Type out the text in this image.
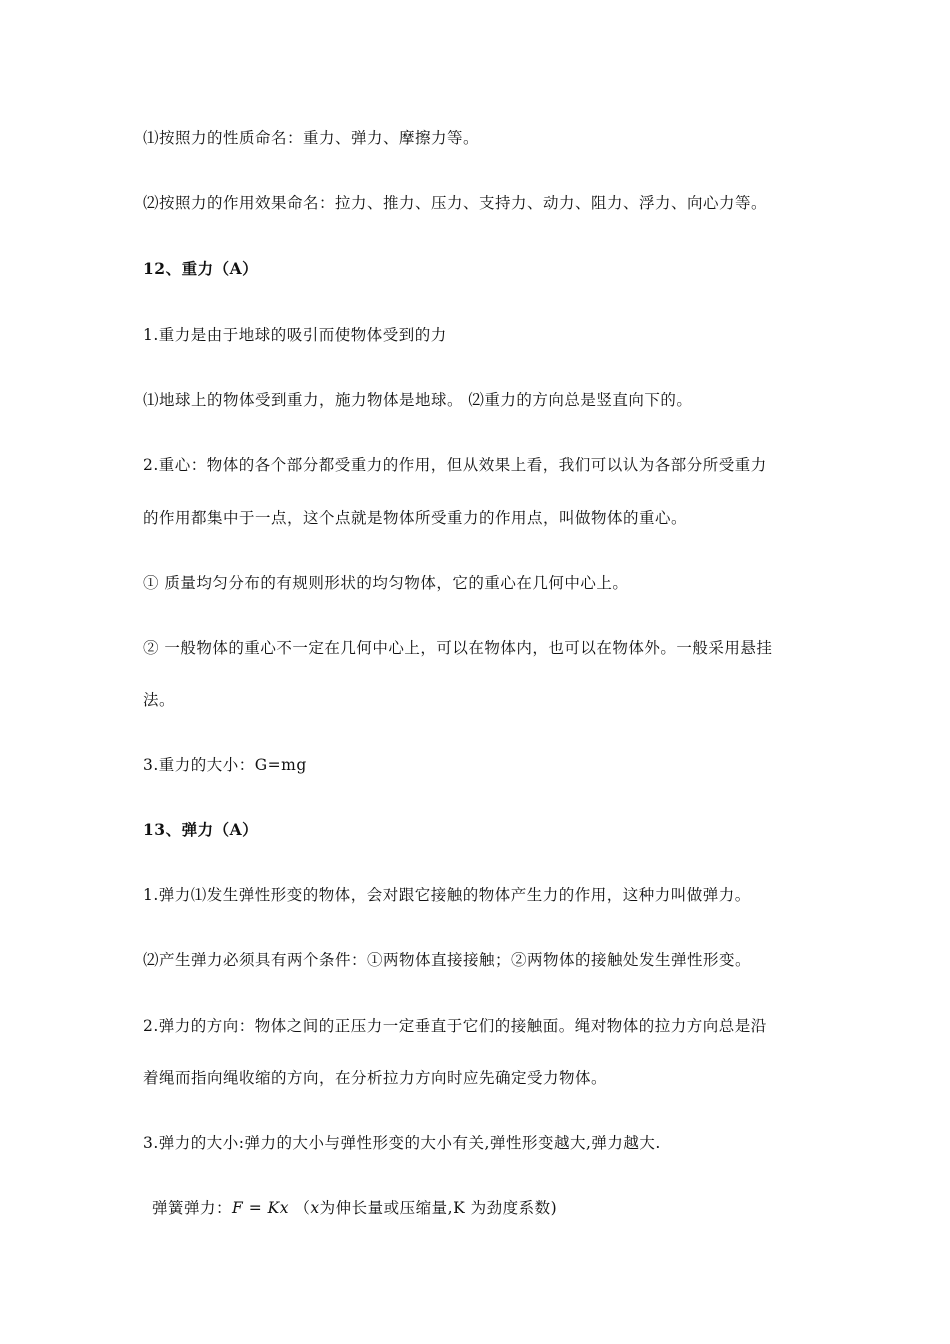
⑴按照力的性质命名：重力、弹力、摩擦力等。
⑵按照力的作用效果命名：拉力、推力、压力、支持力、动力、阻力、浮力、向心力等。
12、重力（A）
1.重力是由于地球的吸引而使物体受到的力
⑴地球上的物体受到重力，施力物体是地球。 ⑵重力的方向总是竖直向下的。
2.重心：物体的各个部分都受重力的作用，但从效果上看，我们可以认为各部分所受重力
的作用都集中于一点，这个点就是物体所受重力的作用点，叫做物体的重心。
① 质量均匀分布的有规则形状的均匀物体，它的重心在几何中心上。
② 一般物体的重心不一定在几何中心上，可以在物体内，也可以在物体外。一般采用悬挂
法。
3.重力的大小：G=mg
13、弹力（A）
1.弹力⑴发生弹性形变的物体，会对跟它接触的物体产生力的作用，这种力叫做弹力。
⑵产生弹力必须具有两个条件：①两物体直接接触；②两物体的接触处发生弹性形变。
2.弹力的方向：物体之间的正压力一定垂直于它们的接触面。绳对物体的拉力方向总是沿
着绳而指向绳收缩的方向，在分析拉力方向时应先确定受力物体。
3.弹力的大小:弹力的大小与弹性形变的大小有关,弹性形变越大,弹力越大.
弹簧弹力：F = Kx （x为伸长量或压缩量,K 为劲度系数)
